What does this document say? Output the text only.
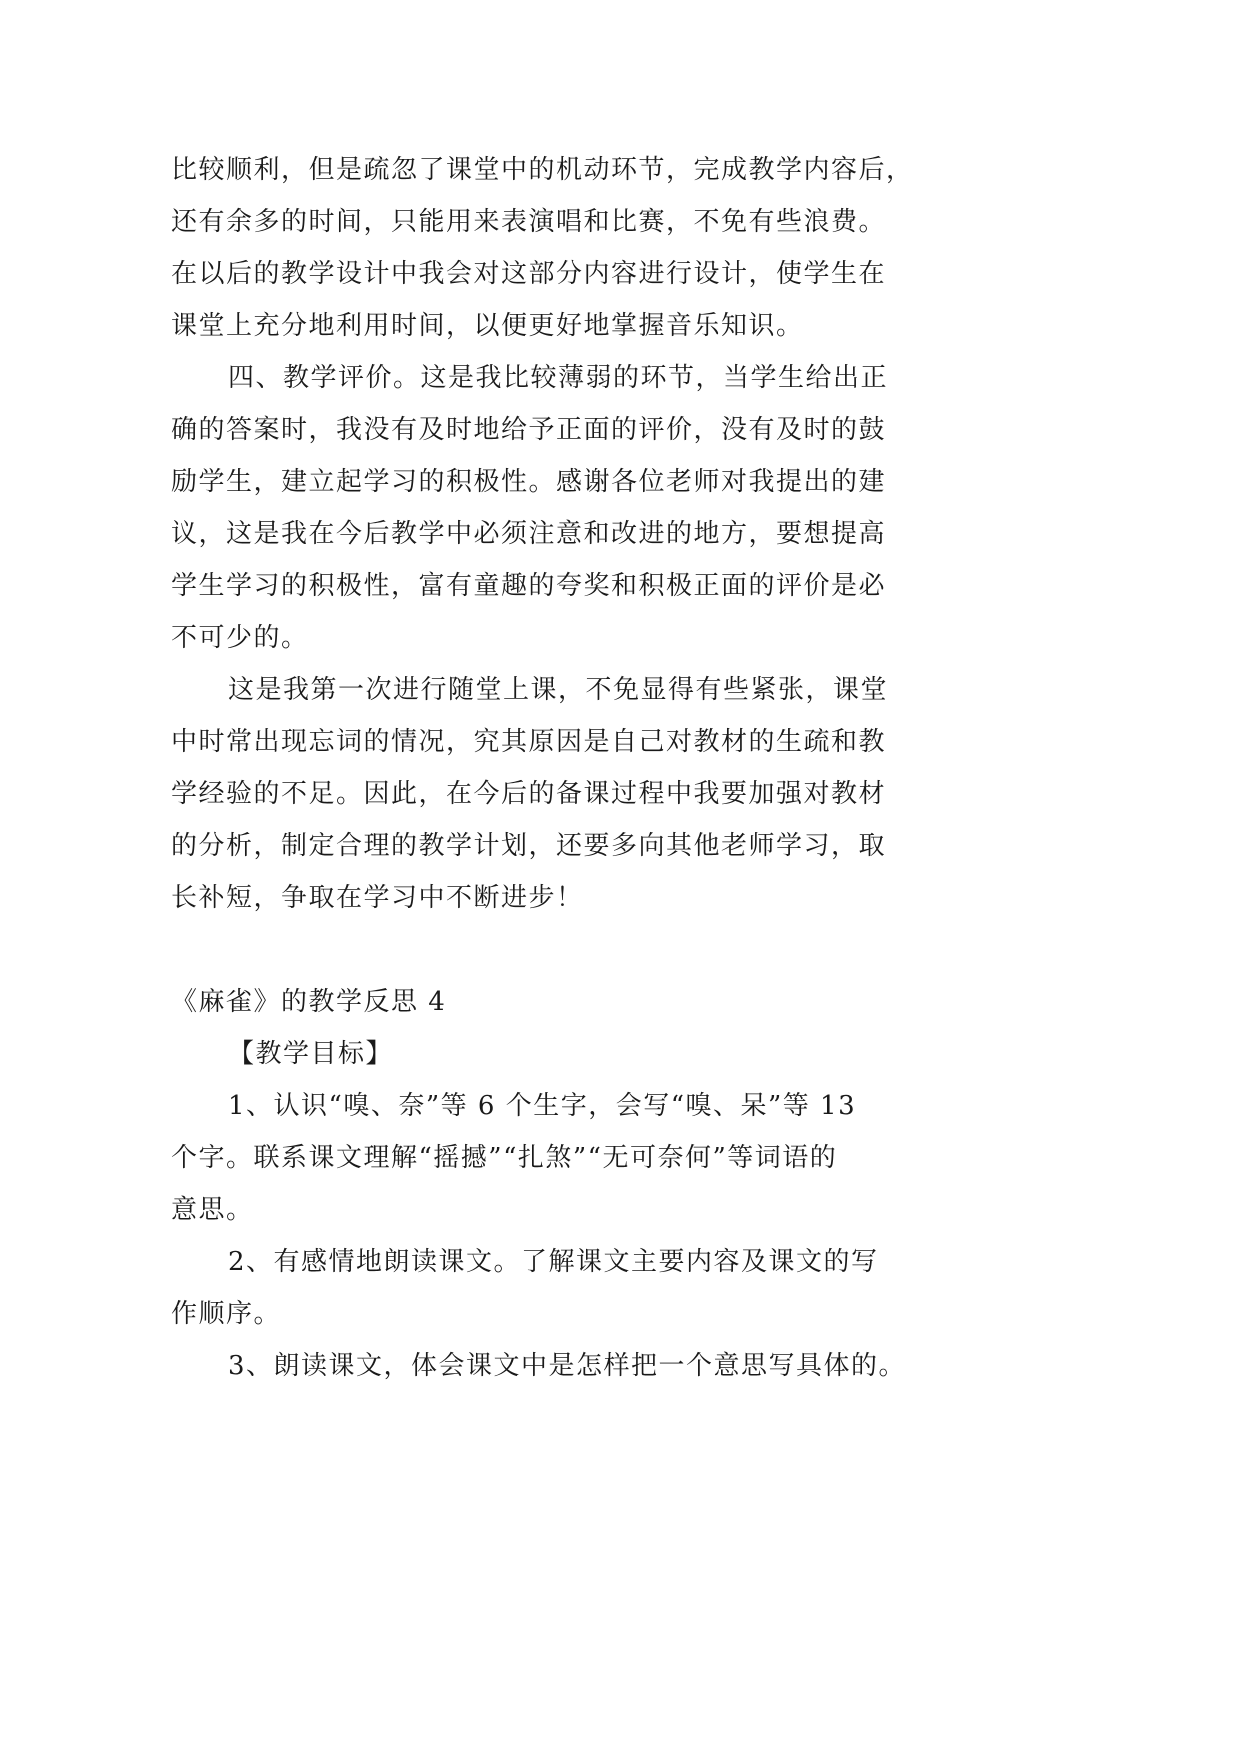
比较顺利，但是疏忽了课堂中的机动环节，完成教学内容后，
还有余多的时间，只能用来表演唱和比赛，不免有些浪费。
在以后的教学设计中我会对这部分内容进行设计，使学生在
课堂上充分地利用时间，以便更好地掌握音乐知识。
四、教学评价。这是我比较薄弱的环节，当学生给出正
确的答案时，我没有及时地给予正面的评价，没有及时的鼓
励学生，建立起学习的积极性。感谢各位老师对我提出的建
议，这是我在今后教学中必须注意和改进的地方，要想提高
学生学习的积极性，富有童趣的夸奖和积极正面的评价是必
不可少的。
这是我第一次进行随堂上课，不免显得有些紧张，课堂
中时常出现忘词的情况，究其原因是自己对教材的生疏和教
学经验的不足。因此，在今后的备课过程中我要加强对教材
的分析，制定合理的教学计划，还要多向其他老师学习，取
长补短，争取在学习中不断进步！
《麻雀》的教学反思 4
【教学目标】
1、认识“嗅、奈”等 6 个生字，会写“嗅、呆”等 13
个字。联系课文理解“摇撼”“扎煞”“无可奈何”等词语的
意思。
2、有感情地朗读课文。了解课文主要内容及课文的写
作顺序。
3、朗读课文，体会课文中是怎样把一个意思写具体的。
